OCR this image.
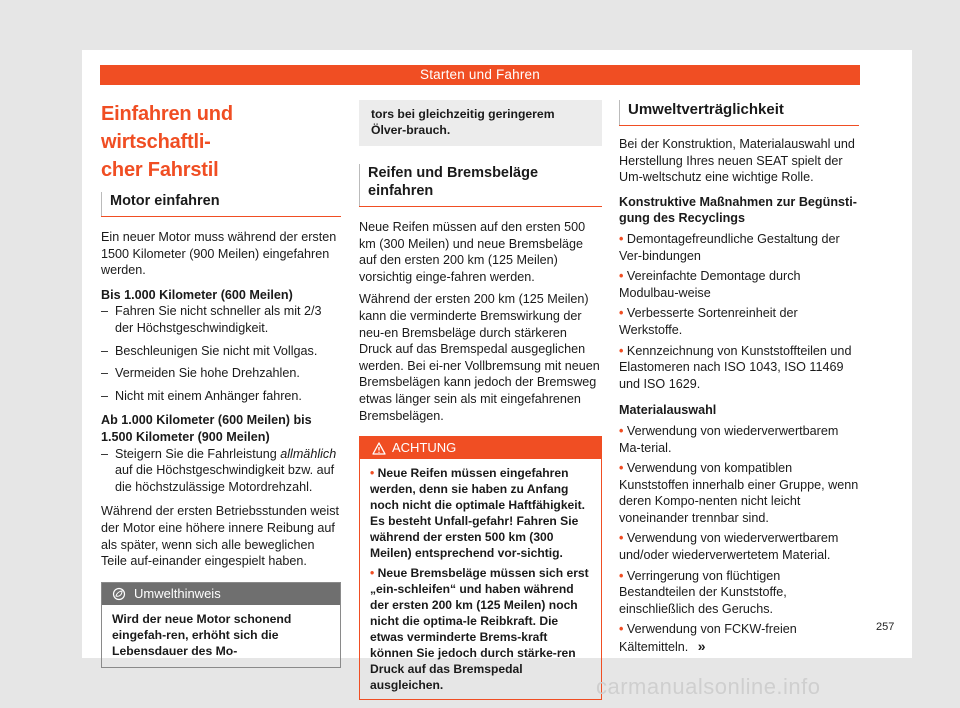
Starten und Fahren
Einfahren und wirtschaftli-
cher Fahrstil
Motor einfahren

Ein neuer Motor muss während der ersten 1500 Kilometer (900 Meilen) eingefahren werden.

Bis 1.000 Kilometer (600 Meilen)

– Fahren Sie nicht schneller als mit 2/3 der Höchstgeschwindigkeit.
– Beschleunigen Sie nicht mit Vollgas.
– Vermeiden Sie hohe Drehzahlen.
– Nicht mit einem Anhänger fahren.

Ab 1.000 Kilometer (600 Meilen) bis 1.500 Kilometer (900 Meilen)

– Steigern Sie die Fahrleistung allmählich auf die Höchstgeschwindigkeit bzw. auf die höchstzulässige Motordrehzahl.

Während der ersten Betriebsstunden weist der Motor eine höhere innere Reibung auf als später, wenn sich alle beweglichen Teile auf-einander eingespielt haben.

Umwelthinweis

Wird der neue Motor schonend eingefah-ren, erhöht sich die Lebensdauer des Mo-

tors bei gleichzeitig geringerem Ölver-brauch.

Reifen und Bremsbeläge einfahren

Neue Reifen müssen auf den ersten 500 km (300 Meilen) und neue Bremsbeläge auf den ersten 200 km (125 Meilen) vorsichtig einge-fahren werden.

Während der ersten 200 km (125 Meilen) kann die verminderte Bremswirkung der neu-en Bremsbeläge durch stärkeren Druck auf das Bremspedal ausgeglichen werden. Bei ei-ner Vollbremsung mit neuen Bremsbelägen kann jedoch der Bremsweg etwas länger sein als mit eingefahrenen Bremsbelägen.

ACHTUNG

• Neue Reifen müssen eingefahren werden, denn sie haben zu Anfang noch nicht die optimale Haftfähigkeit. Es besteht Unfall-gefahr! Fahren Sie während der ersten 500 km (300 Meilen) entsprechend vor-sichtig.

• Neue Bremsbeläge müssen sich erst „ein-schleifen“ und haben während der ersten 200 km (125 Meilen) noch nicht die optima-le Reibkraft. Die etwas verminderte Brems-kraft können Sie jedoch durch stärke-ren Druck auf das Bremspedal ausgleichen.

Umweltverträglichkeit

Bei der Konstruktion, Materialauswahl und Herstellung Ihres neuen SEAT spielt der Um-weltschutz eine wichtige Rolle.

Konstruktive Maßnahmen zur Begünsti-gung des Recyclings

• Demontagefreundliche Gestaltung der Ver-bindungen

• Vereinfachte Demontage durch Modulbau-weise

• Verbesserte Sortenreinheit der Werkstoffe.

• Kennzeichnung von Kunststoffteilen und Elastomeren nach ISO 1043, ISO 11469 und ISO 1629.

Materialauswahl

• Verwendung von wiederverwertbarem Ma-terial.

• Verwendung von kompatiblen Kunststoffen innerhalb einer Gruppe, wenn deren Kompo-nenten nicht leicht voneinander trennbar sind.

• Verwendung von wiederverwertbarem und/oder wiederverwertetem Material.

• Verringerung von flüchtigen Bestandteilen der Kunststoffe, einschließlich des Geruchs.

• Verwendung von FCKW-freien Kältemitteln. »

257
carmanualsonline.info
